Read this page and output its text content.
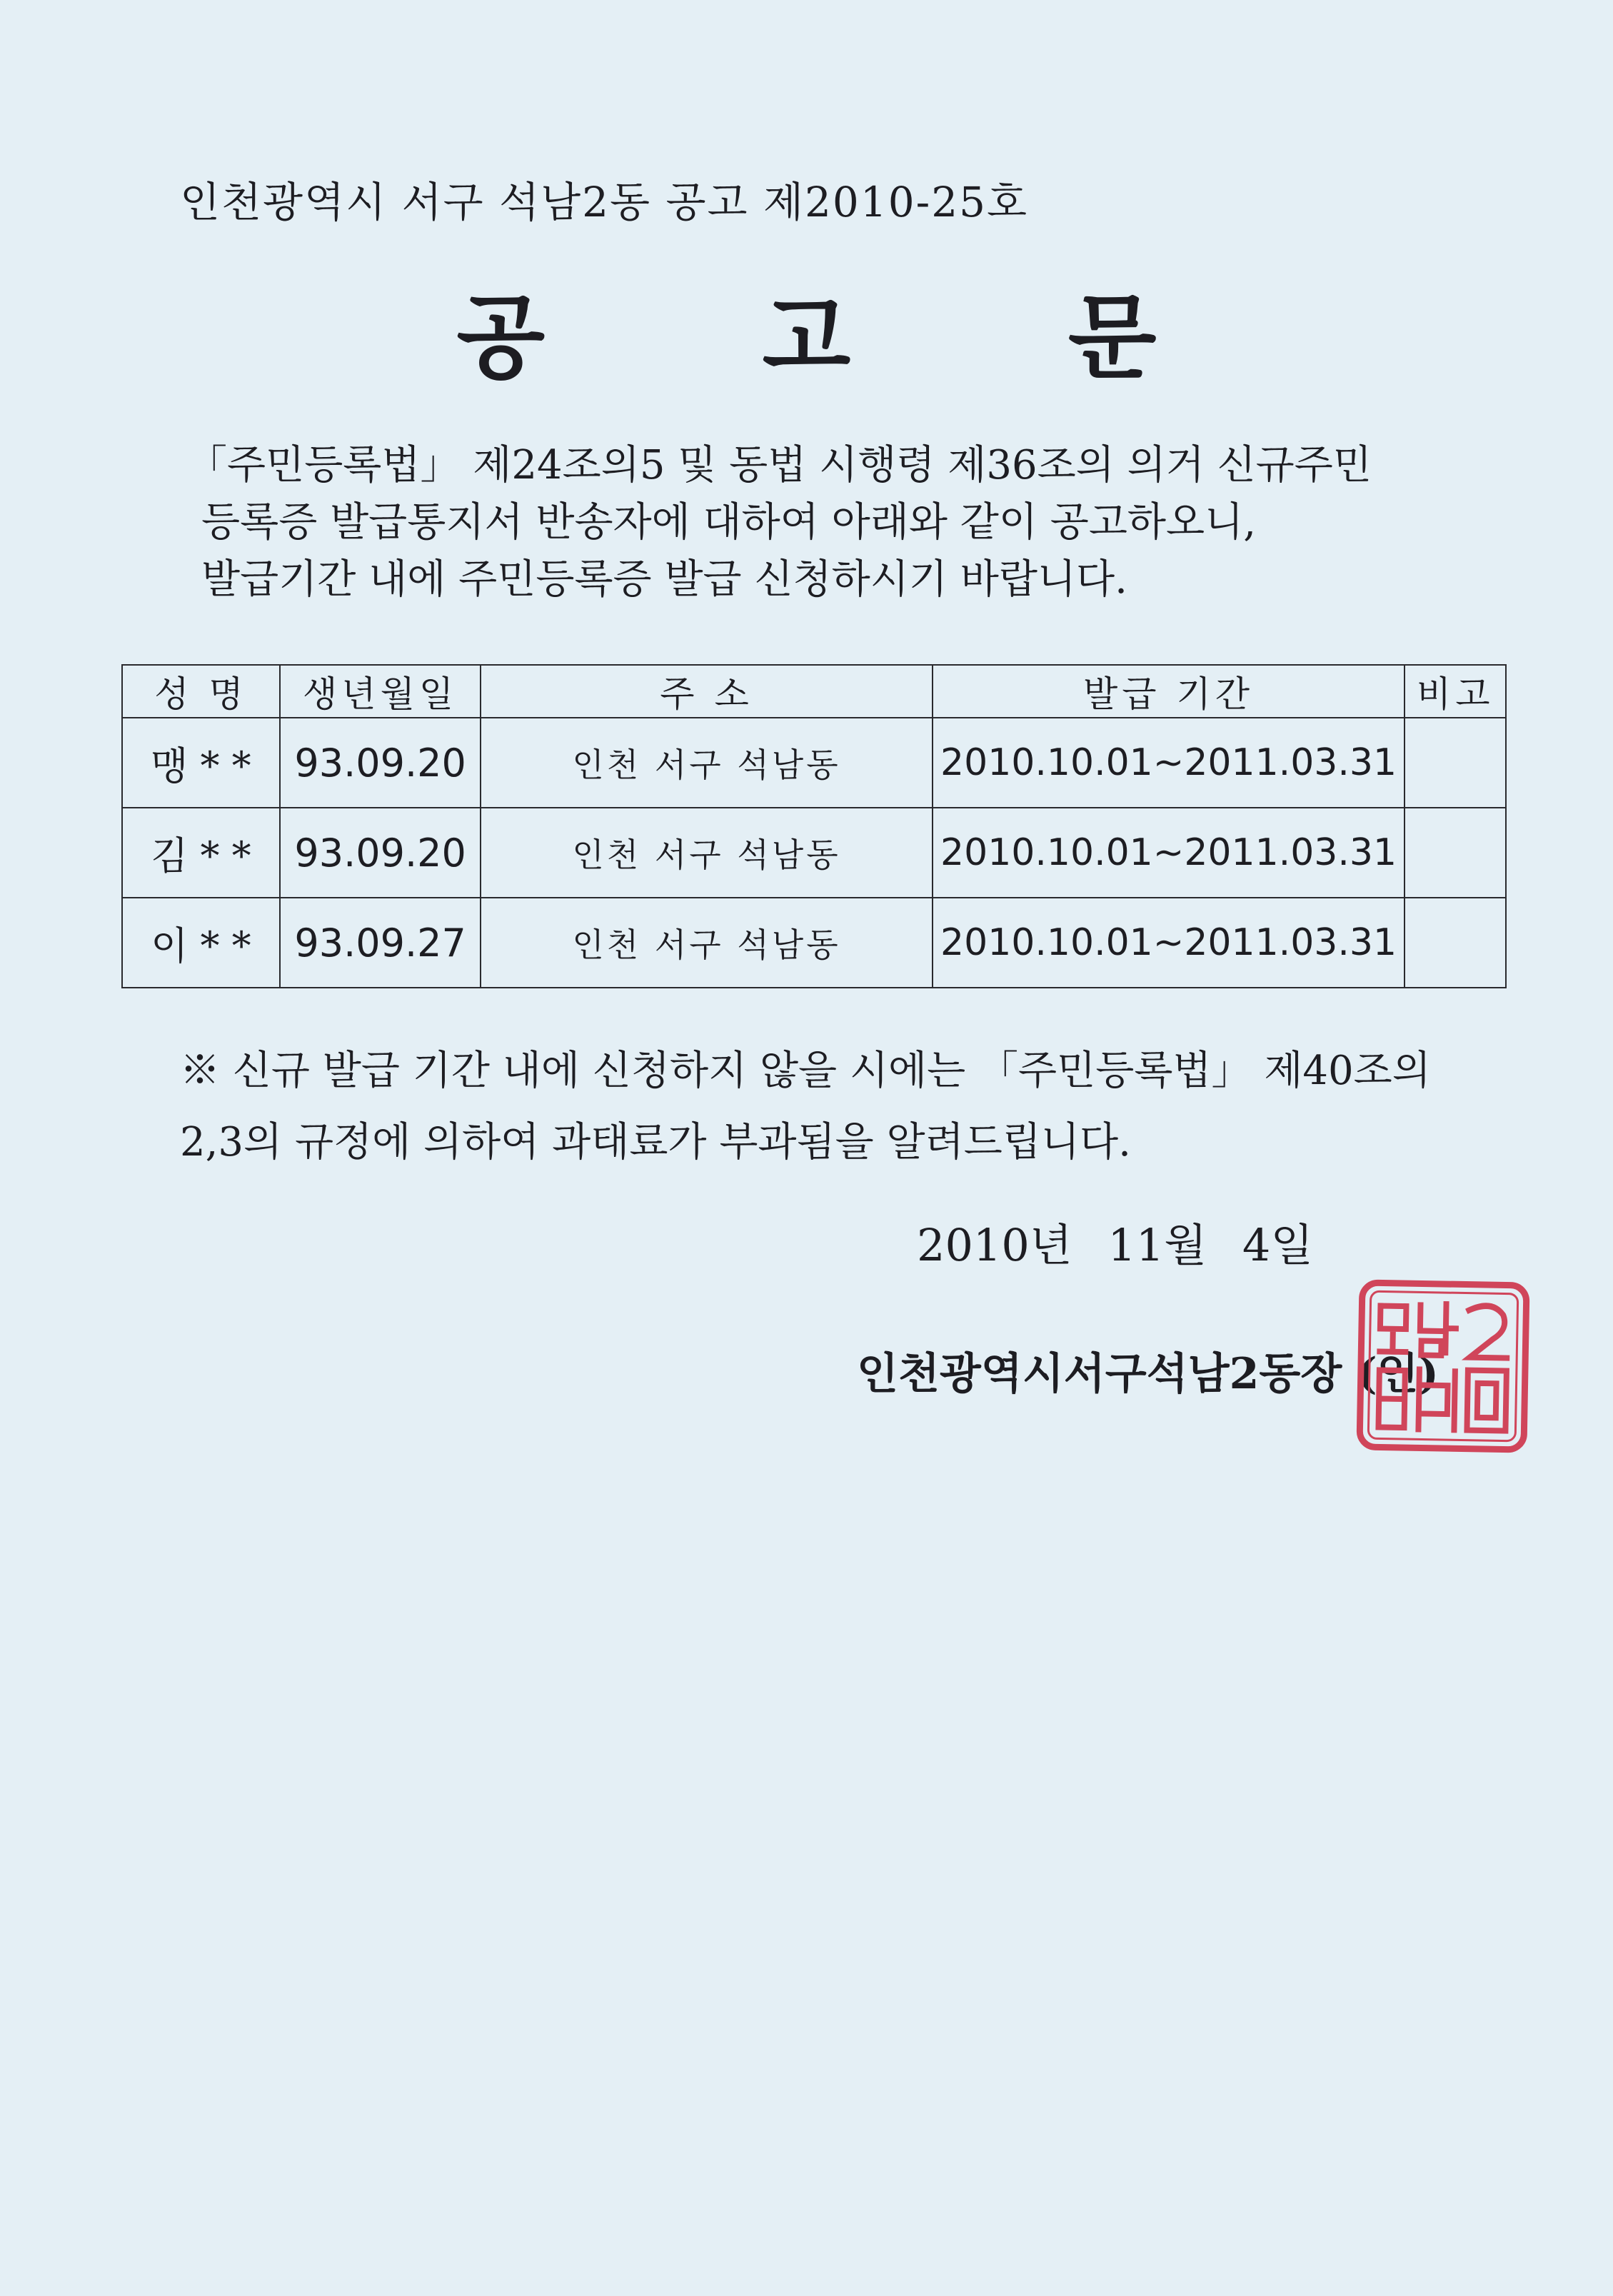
인천광역시 서구 석남2동 공고 제2010-25호
공 고 문
「주민등록법」 제24조의5 및 동법 시행령 제36조의 의거 신규주민
등록증 발급통지서 반송자에 대하여 아래와 같이 공고하오니,
발급기간 내에 주민등록증 발급 신청하시기 바랍니다.
성 명	생년월일	주 소	발급 기간	비고
맹 * *	93.09.20	인천 서구 석남동	2010.10.01~2011.03.31	
김 * *	93.09.20	인천 서구 석남동	2010.10.01~2011.03.31	
이 * *	93.09.27	인천 서구 석남동	2010.10.01~2011.03.31	
※ 신규 발급 기간 내에 신청하지 않을 시에는 「주민등록법」 제40조의
2,3의 규정에 의하여 과태료가 부과됨을 알려드립니다.
2010년 11월 4일
인천광역시서구석남2동장 (인)
